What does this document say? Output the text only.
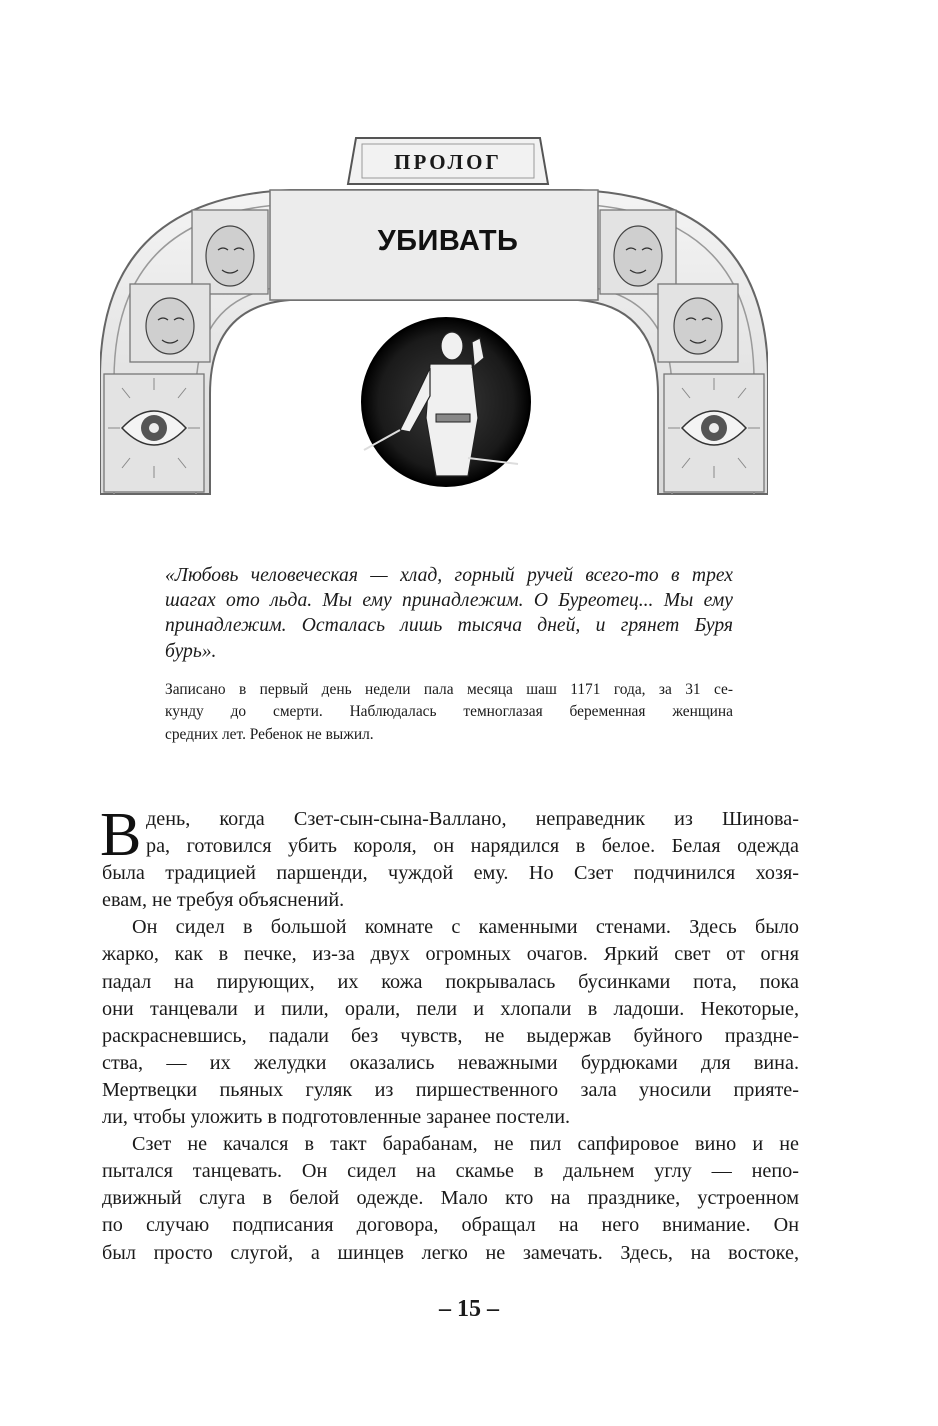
ПРОЛОГ
УБИВАТЬ

«Любовь человеческая — хлад, горный ручей всего-то в трех
шагах ото льда. Мы ему принадлежим. О Буреотец... Мы ему
принадлежим. Осталась лишь тысяча дней, и грянет Буря
бурь».

Записано в первый день недели пала месяца шаш 1171 года, за 31 се-
кунду до смерти. Наблюдалась темноглазая беременная женщина
средних лет. Ребенок не выжил.

В день, когда Сзет-сын-сына-Валлано, неправедник из Шинова-
ра, готовился убить короля, он нарядился в белое. Белая одежда
была традицией паршенди, чуждой ему. Но Сзет подчинился хозя-
евам, не требуя объяснений.
Он сидел в большой комнате с каменными стенами. Здесь было
жарко, как в печке, из-за двух огромных очагов. Яркий свет от огня
падал на пирующих, их кожа покрывалась бусинками пота, пока
они танцевали и пили, орали, пели и хлопали в ладоши. Некоторые,
раскрасневшись, падали без чувств, не выдержав буйного праздне-
ства, — их желудки оказались неважными бурдюками для вина.
Мертвецки пьяных гуляк из пиршественного зала уносили прияте-
ли, чтобы уложить в подготовленные заранее постели.
Сзет не качался в такт барабанам, не пил сапфировое вино и не
пытался танцевать. Он сидел на скамье в дальнем углу — непо-
движный слуга в белой одежде. Мало кто на празднике, устроенном
по случаю подписания договора, обращал на него внимание. Он
был просто слугой, а шинцев легко не замечать. Здесь, на востоке,
– 15 –
